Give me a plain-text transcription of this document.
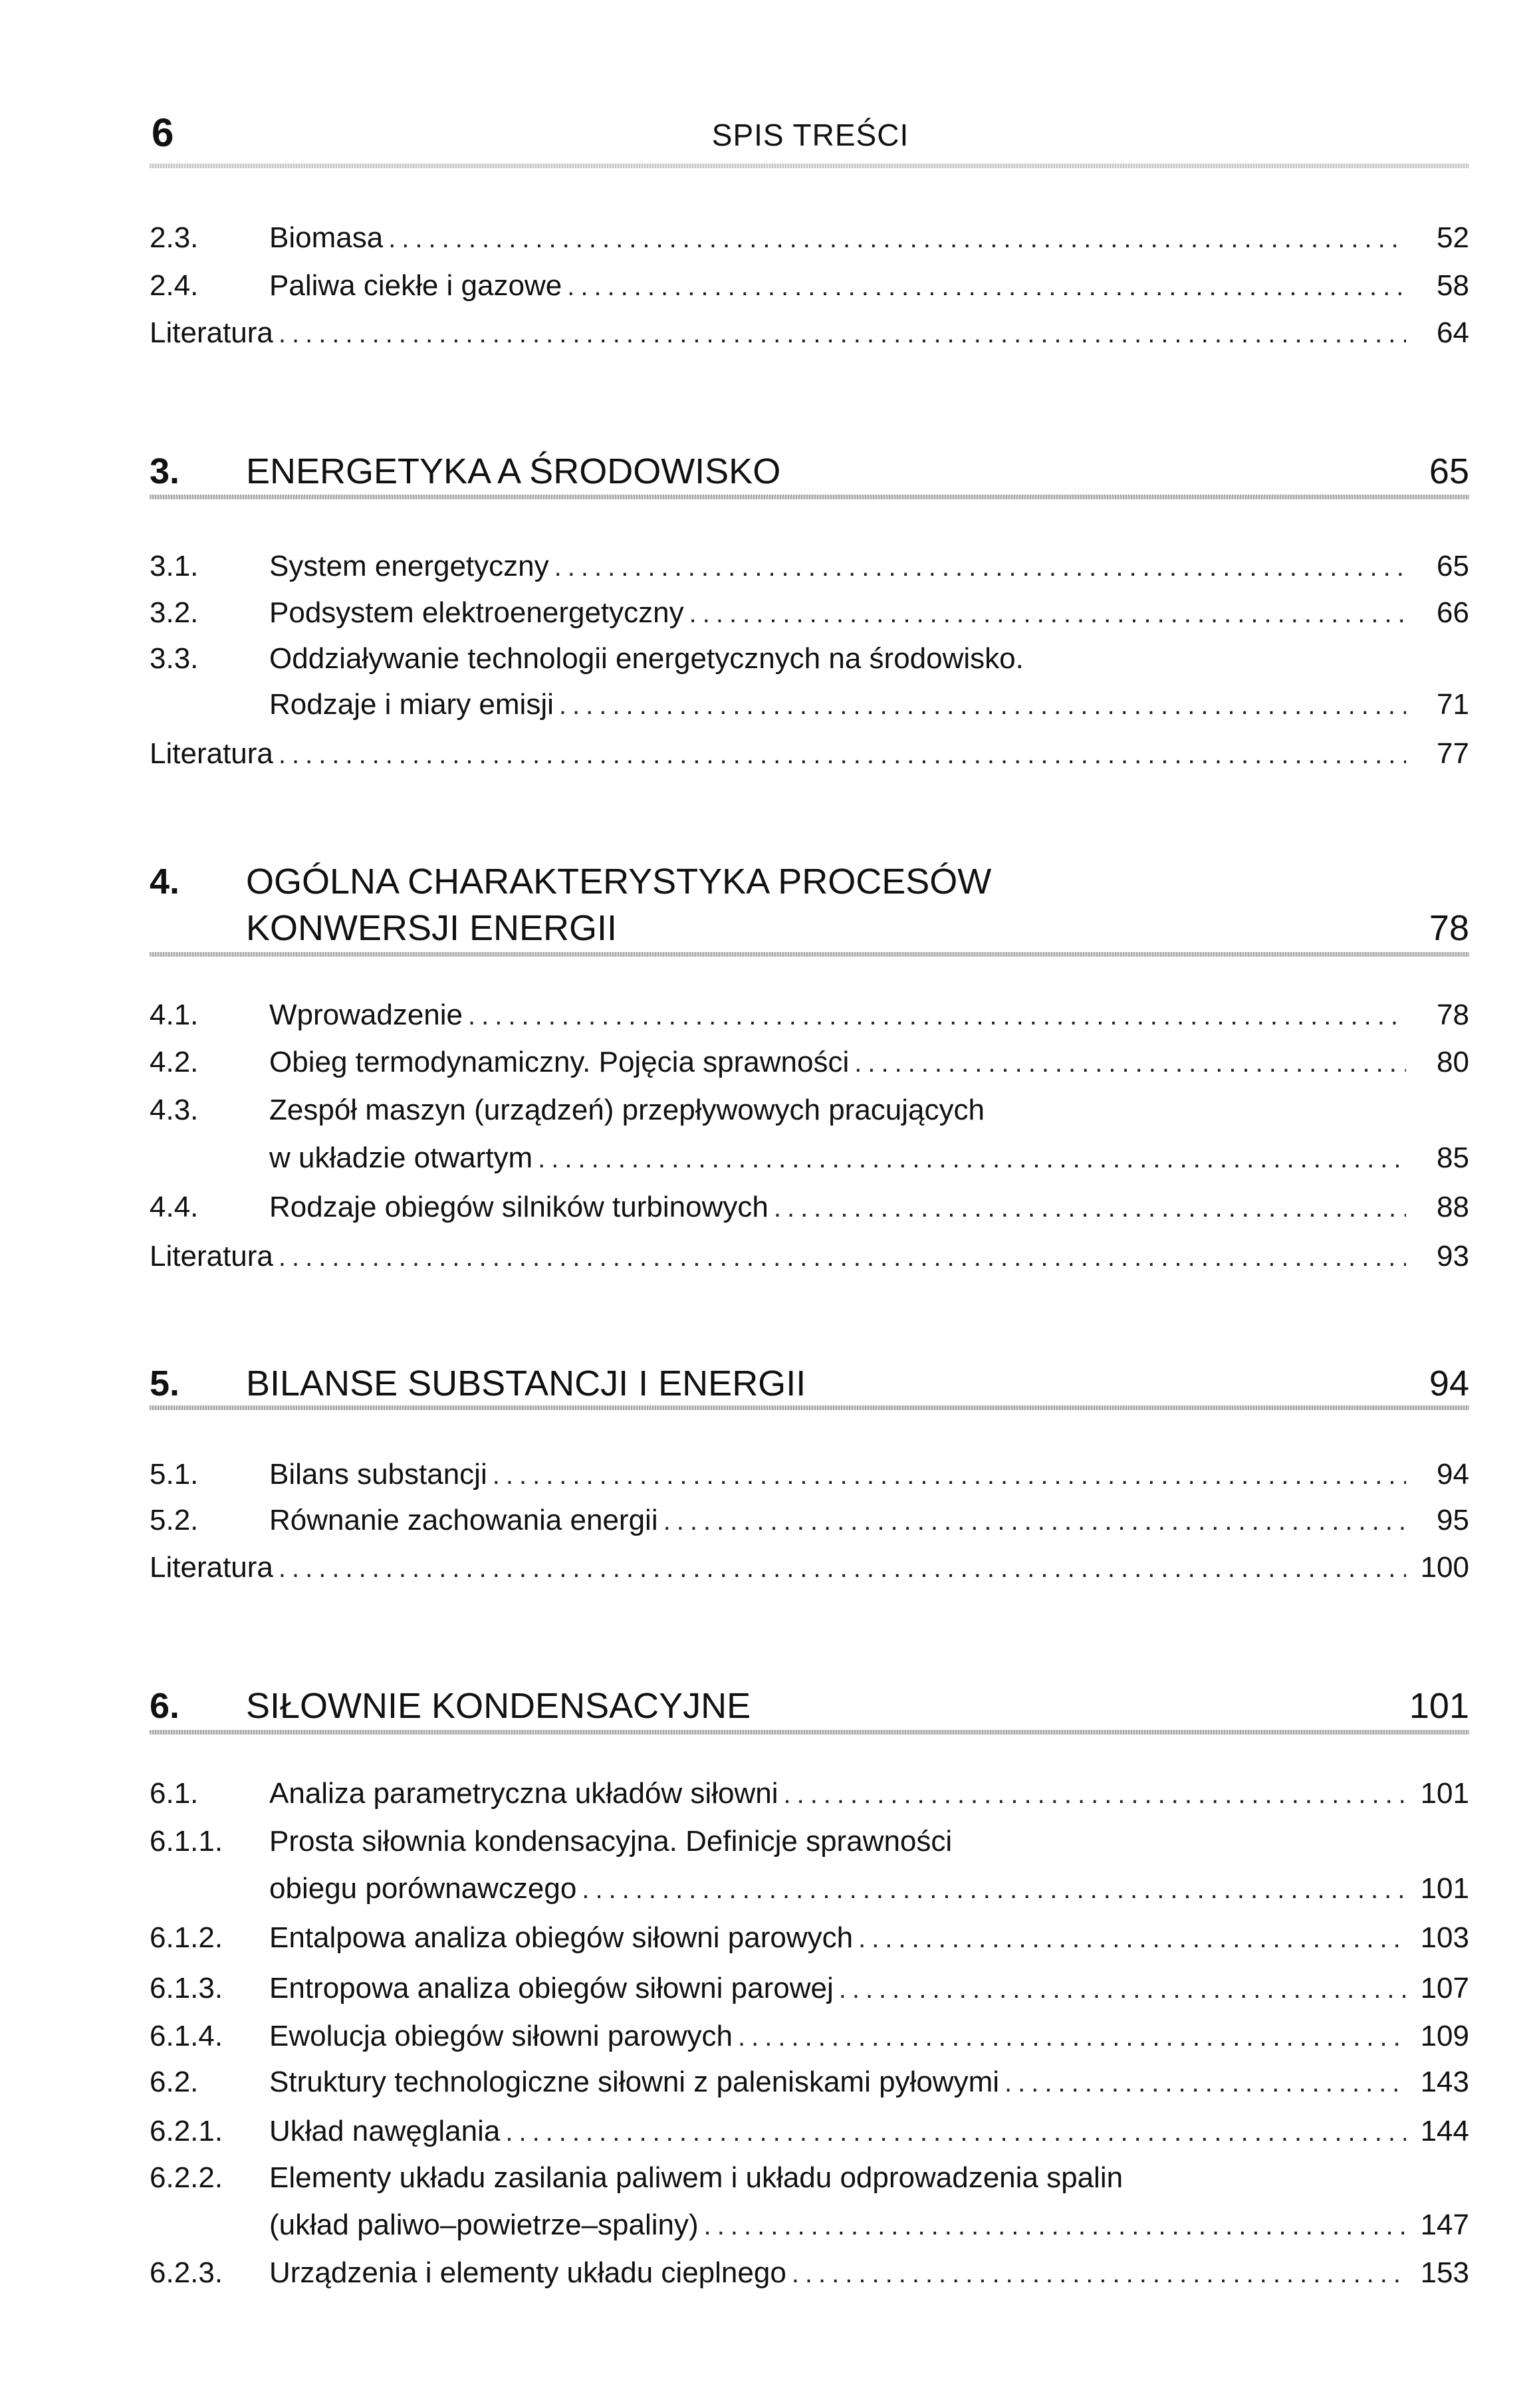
6	SPIS TREŚCI
2.3. Biomasa .....	52
2.4. Paliwa ciekłe i gazowe .....	58
Literatura .....	64
3. ENERGETYKA A ŚRODOWISKO	65
3.1. System energetyczny .....	65
3.2. Podsystem elektroenergetyczny .....	66
3.3. Oddziaływanie technologii energetycznych na środowisko.
Rodzaje i miary emisji .....	71
Literatura .....	77
4. OGÓLNA CHARAKTERYSTYKA PROCESÓW
KONWERSJI ENERGII	78
4.1. Wprowadzenie .....	78
4.2. Obieg termodynamiczny. Pojęcia sprawności .....	80
4.3. Zespół maszyn (urządzeń) przepływowych pracujących
w układzie otwartym .....	85
4.4. Rodzaje obiegów silników turbinowych .....	88
Literatura .....	93
5. BILANSE SUBSTANCJI I ENERGII	94
5.1. Bilans substancji .....	94
5.2. Równanie zachowania energii .....	95
Literatura .....	100
6. SIŁOWNIE KONDENSACYJNE	101
6.1. Analiza parametryczna układów siłowni .....	101
6.1.1. Prosta siłownia kondensacyjna. Definicje sprawności
obiegu porównawczego .....	101
6.1.2. Entalpowa analiza obiegów siłowni parowych .....	103
6.1.3. Entropowa analiza obiegów siłowni parowej .....	107
6.1.4. Ewolucja obiegów siłowni parowych .....	109
6.2. Struktury technologiczne siłowni z paleniskami pyłowymi .....	143
6.2.1. Układ nawęglania .....	144
6.2.2. Elementy układu zasilania paliwem i układu odprowadzenia spalin
(układ paliwo–powietrze–spaliny) .....	147
6.2.3. Urządzenia i elementy układu cieplnego .....	153
